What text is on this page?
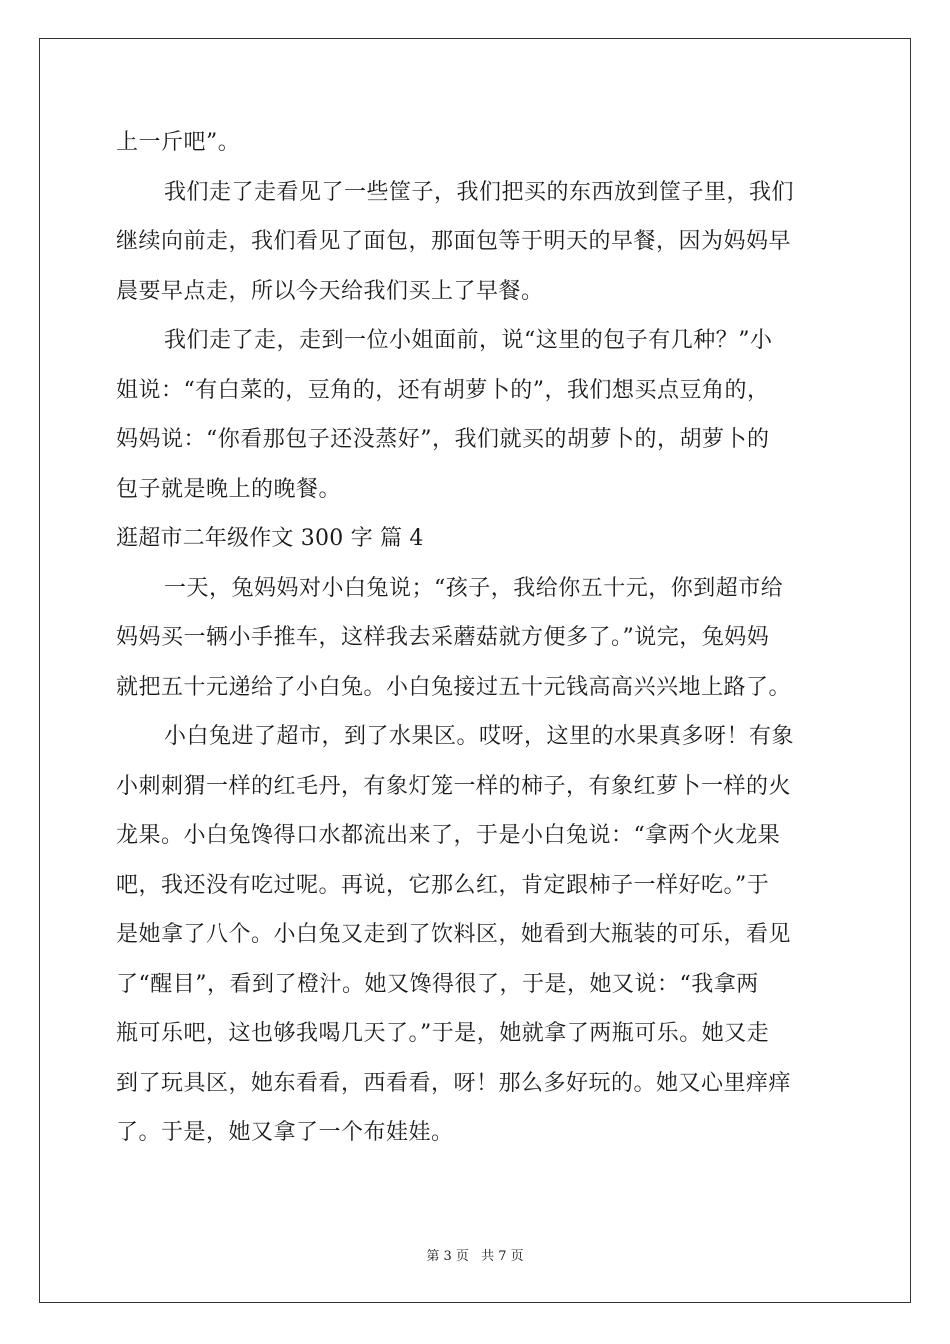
上一斤吧”。
我们走了走看见了一些筐子，我们把买的东西放到筐子里，我们
继续向前走，我们看见了面包，那面包等于明天的早餐，因为妈妈早
晨要早点走，所以今天给我们买上了早餐。
我们走了走，走到一位小姐面前，说“这里的包子有几种？”小
姐说：“有白菜的，豆角的，还有胡萝卜的”，我们想买点豆角的，
妈妈说：“你看那包子还没蒸好”，我们就买的胡萝卜的，胡萝卜的
包子就是晚上的晚餐。
逛超市二年级作文 300 字 篇 4
一天，兔妈妈对小白兔说；“孩子，我给你五十元，你到超市给
妈妈买一辆小手推车，这样我去采蘑菇就方便多了。”说完，兔妈妈
就把五十元递给了小白兔。小白兔接过五十元钱高高兴兴地上路了。
小白兔进了超市，到了水果区。哎呀，这里的水果真多呀！有象
小刺刺猬一样的红毛丹，有象灯笼一样的柿子，有象红萝卜一样的火
龙果。小白兔馋得口水都流出来了，于是小白兔说：“拿两个火龙果
吧，我还没有吃过呢。再说，它那么红，肯定跟柿子一样好吃。”于
是她拿了八个。小白兔又走到了饮料区，她看到大瓶装的可乐，看见
了“醒目”，看到了橙汁。她又馋得很了，于是，她又说：“我拿两
瓶可乐吧，这也够我喝几天了。”于是，她就拿了两瓶可乐。她又走
到了玩具区，她东看看，西看看，呀！那么多好玩的。她又心里痒痒
了。于是，她又拿了一个布娃娃。
第 3 页 共 7 页
